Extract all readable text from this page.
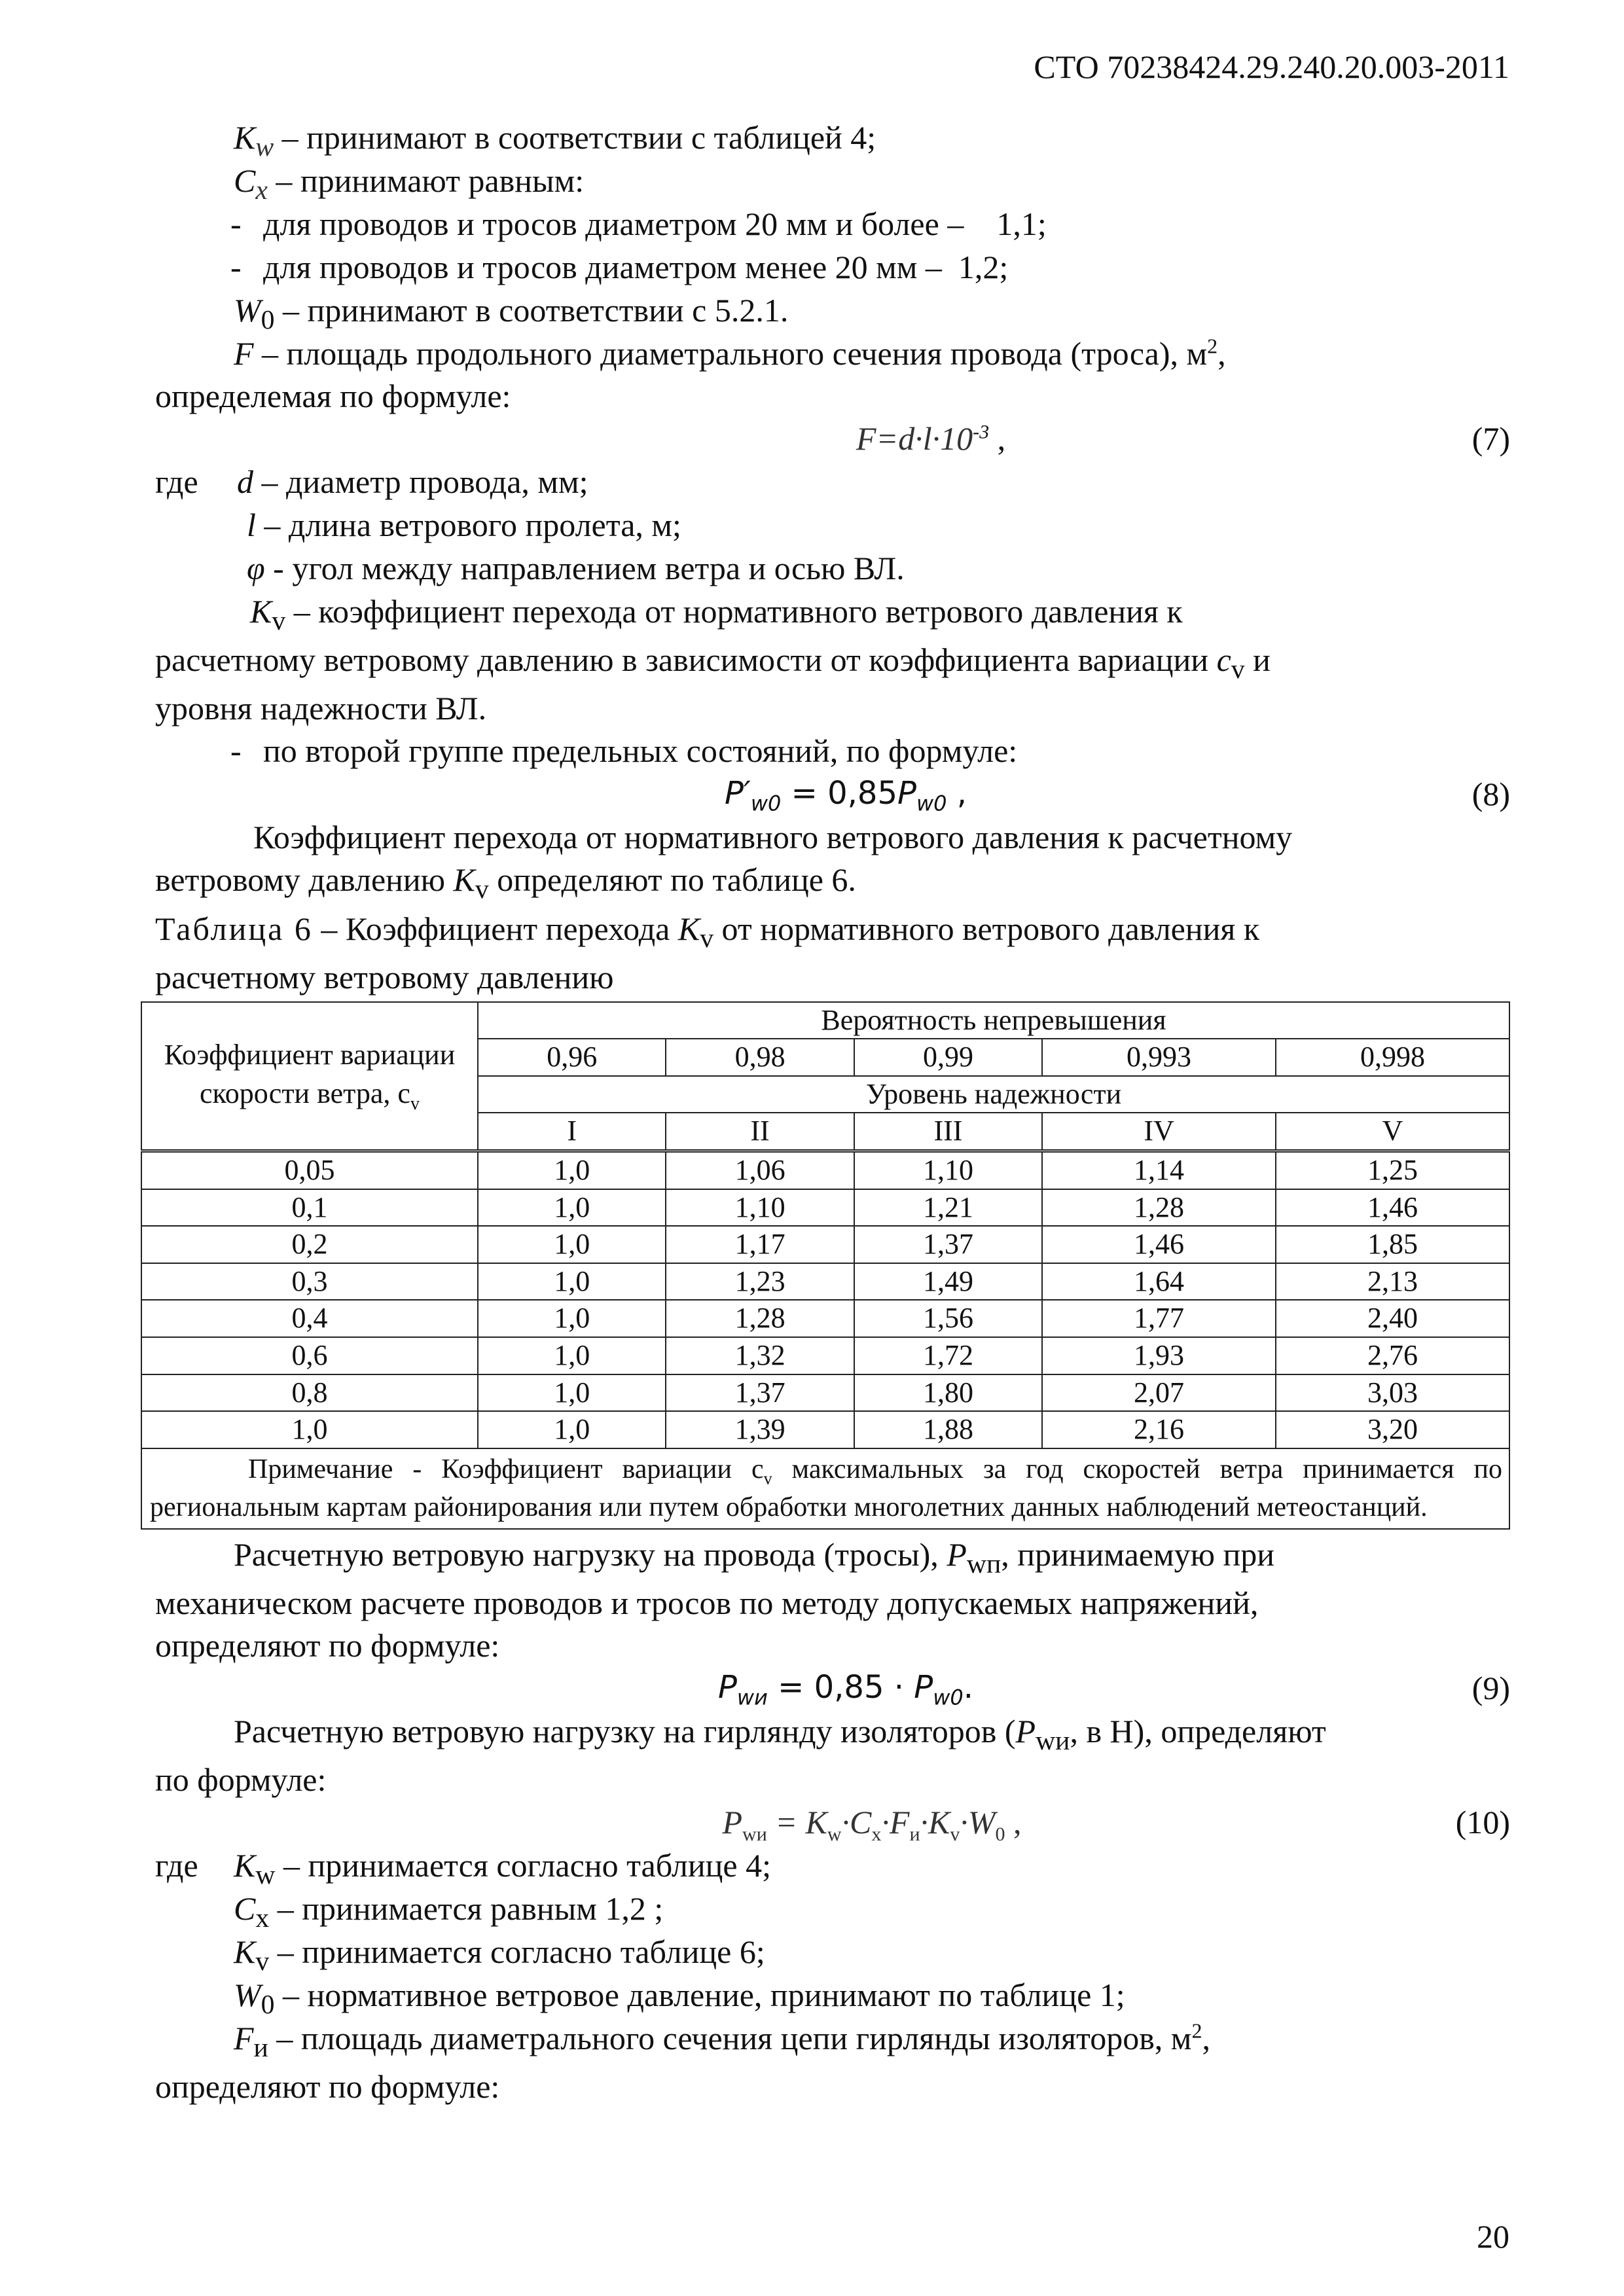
СТО 70238424.29.240.20.003-2011
$K_w$ – принимают в соответствии с таблицей 4;
$C_x$ – принимают равным:
- для проводов и тросов диаметром 20 мм и более – 1,1;
- для проводов и тросов диаметром менее 20 мм – 1,2;
$W_0$ – принимают в соответствии с 5.2.1.

F – площадь продольного диаметрального сечения провода (троса), $м^2$,
определемая по формуле:

$F=d\cdot l\cdot 10^{-3}$ ,	(7)
где d – диаметр провода, мм;
l – длина ветрового пролета, м;
φ - угол между направлением ветра и осью ВЛ.

$K_v$ – коэффициент перехода от нормативного ветрового давления к
расчетному ветровому давлению в зависимости от коэффициента вариации $c_v$ и
уровня надежности ВЛ.

- по второй группе предельных состояний, по формуле:
$P'_{w0} = 0,85P_{w0}$ ,	(8)

Коэффициент перехода от нормативного ветрового давления к расчетному
ветровому давлению $K_v$ определяют по таблице 6.

Таблица 6 – Коэффициент перехода $K_v$ от нормативного ветрового давления к
расчетному ветровому давлению

Коэффициент вариации скорости ветра, $c_v$	Вероятность непревышения				
	0,96	0,98	0,99	0,993	0,998
	Уровень надежности				
	I	II	III	IV	V
0,05	1,0	1,06	1,10	1,14	1,25
0,1	1,0	1,10	1,21	1,28	1,46
0,2	1,0	1,17	1,37	1,46	1,85
0,3	1,0	1,23	1,49	1,64	2,13
0,4	1,0	1,28	1,56	1,77	2,40
0,6	1,0	1,32	1,72	1,93	2,76
0,8	1,0	1,37	1,80	2,07	3,03
1,0	1,0	1,39	1,88	2,16	3,20
Примечание - Коэффициент вариации $c_v$ максимальных за год скоростей ветра принимается по региональным картам районирования или путем обработки многолетних данных наблюдений метеостанций.					

Расчетную ветровую нагрузку на провода (тросы), $P_{wп}$, принимаемую при
механическом расчете проводов и тросов по методу допускаемых напряжений,
определяют по формуле:

$P_{wи} = 0,85 \cdot P_{w0}$.	(9)

Расчетную ветровую нагрузку на гирлянду изоляторов ($P_{wи}$, в Н), определяют
по формуле:

$P_{wи} = K_w\cdot C_x\cdot F_и\cdot K_v\cdot W_0$ ,	(10)
где $K_w$ – принимается согласно таблице 4;
$C_x$ – принимается равным 1,2 ;
$K_v$ – принимается согласно таблице 6;
$W_0$ – нормативное ветровое давление, принимают по таблице 1;

$F_и$ – площадь диаметрального сечения цепи гирлянды изоляторов, $м^2$,
определяют по формуле:

20
